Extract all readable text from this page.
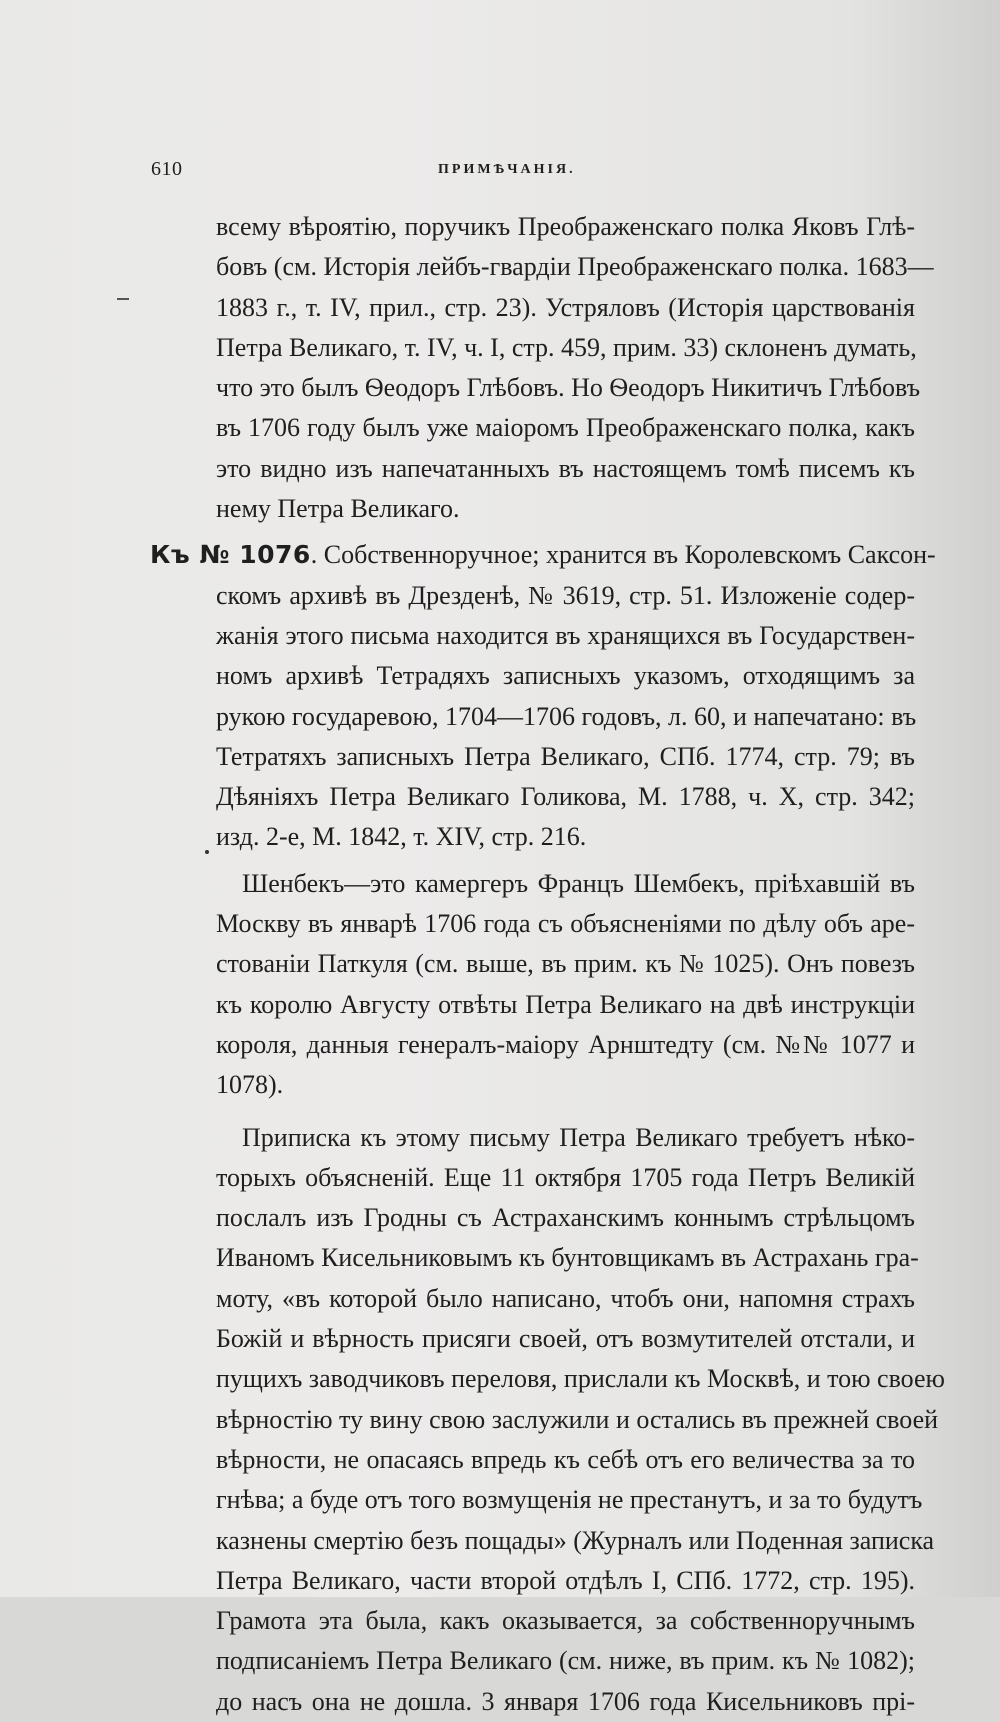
610	ПРИМѢЧАНІЯ.
всему вѣроятію, поручикъ Преображенскаго полка Яковъ Глѣ-
бовъ (см. Исторія лейбъ-гвардіи Преображенскаго полка. 1683—
1883 г., т. IV, прил., стр. 23). Устряловъ (Исторія царствованія
Петра Великаго, т. IV, ч. I, стр. 459, прим. 33) склоненъ думать,
что это былъ Ѳеодоръ Глѣбовъ. Но Ѳеодоръ Никитичъ Глѣбовъ
въ 1706 году былъ уже маіоромъ Преображенскаго полка, какъ
это видно изъ напечатанныхъ въ настоящемъ томѣ писемъ къ
нему Петра Великаго.
Къ № 1076. Собственноручное; хранится въ Королевскомъ Саксон-
скомъ архивѣ въ Дрезденѣ, № 3619, стр. 51. Изложеніе содер-
жанія этого письма находится въ хранящихся въ Государствен-
номъ архивѣ Тетрадяхъ записныхъ указомъ, отходящимъ за
рукою государевою, 1704—1706 годовъ, л. 60, и напечатано: въ
Тетратяхъ записныхъ Петра Великаго, СПб. 1774, стр. 79; въ
Дѣяніяхъ Петра Великаго Голикова, М. 1788, ч. X, стр. 342;
изд. 2-е, М. 1842, т. XIV, стр. 216.
Шенбекъ—это камергеръ Францъ Шембекъ, пріѣхавшій въ
Москву въ январѣ 1706 года съ объясненіями по дѣлу объ аре-
стованіи Паткуля (см. выше, въ прим. къ № 1025). Онъ повезъ
къ королю Августу отвѣты Петра Великаго на двѣ инструкціи
короля, данныя генералъ-маіору Арнштедту (см. №№ 1077 и
1078).
Приписка къ этому письму Петра Великаго требуетъ нѣко-
торыхъ объясненій. Еще 11 октября 1705 года Петръ Великій
послалъ изъ Гродны съ Астраханскимъ коннымъ стрѣльцомъ
Иваномъ Кисельниковымъ къ бунтовщикамъ въ Астрахань гра-
моту, «въ которой было написано, чтобъ они, напомня страхъ
Божій и вѣрность присяги своей, отъ возмутителей отстали, и
пущихъ заводчиковъ переловя, прислали къ Москвѣ, и тою своею
вѣрностію ту вину свою заслужили и остались въ прежней своей
вѣрности, не опасаясь впредь къ себѣ отъ его величества за то
гнѣва; а буде отъ того возмущенія не престанутъ, и за то будутъ
казнены смертію безъ пощады» (Журналъ или Поденная записка
Петра Великаго, части второй отдѣлъ I, СПб. 1772, стр. 195).
Грамота эта была, какъ оказывается, за собственноручнымъ
подписаніемъ Петра Великаго (см. ниже, въ прим. къ № 1082);
до насъ она не дошла. 3 января 1706 года Кисельниковъ прі-
